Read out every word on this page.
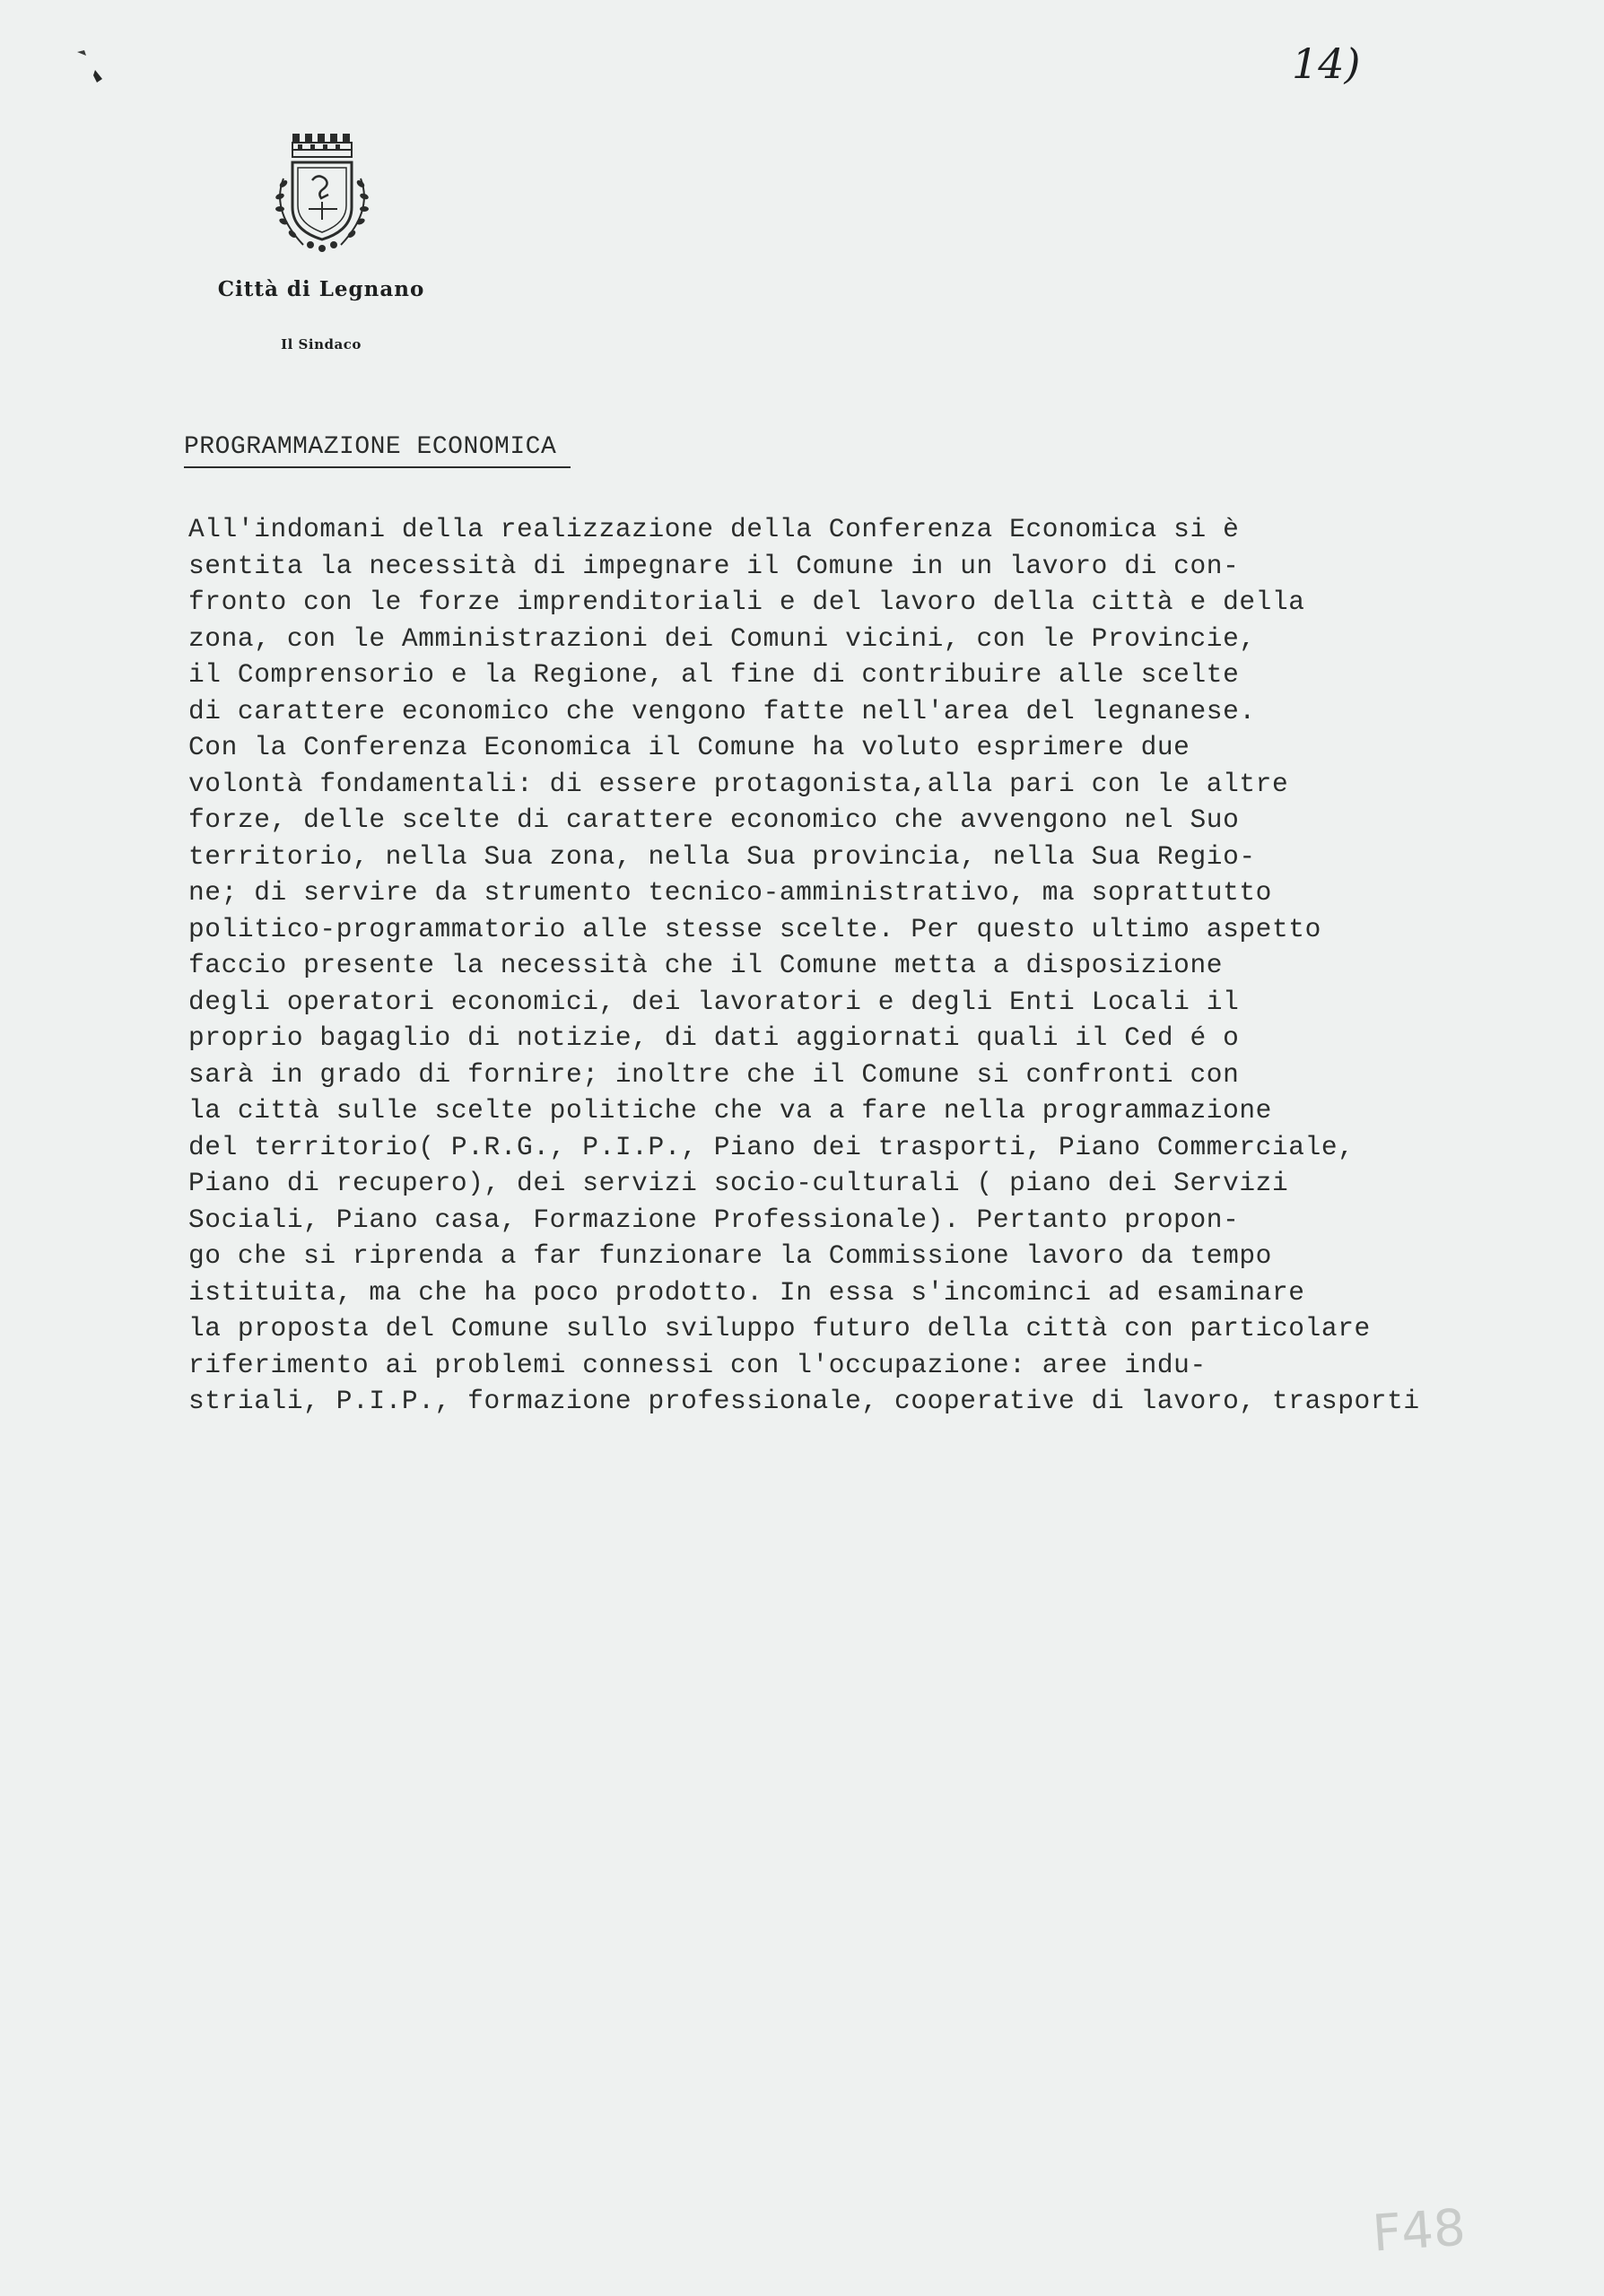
14)
Città di Legnano
Il Sindaco
PROGRAMMAZIONE ECONOMICA
All'indomani della realizzazione della Conferenza Economica si è
sentita la necessità di impegnare il Comune in un lavoro di con-
fronto con le forze imprenditoriali e del lavoro della città e della
zona, con le Amministrazioni dei Comuni vicini, con le Provincie,
il Comprensorio e la Regione, al fine di contribuire alle scelte
di carattere economico che vengono fatte nell'area del legnanese.
Con la Conferenza Economica il Comune ha voluto esprimere due
volontà fondamentali: di essere protagonista,alla pari con le altre
forze, delle scelte di carattere economico che avvengono nel Suo
territorio, nella Sua zona, nella Sua provincia, nella Sua Regio-
ne; di servire da strumento tecnico-amministrativo, ma soprattutto
politico-programmatorio alle stesse scelte. Per questo ultimo aspetto
faccio presente la necessità che il Comune metta a disposizione
degli operatori economici, dei lavoratori e degli Enti Locali il
proprio bagaglio di notizie, di dati aggiornati quali il Ced é o
sarà in grado di fornire; inoltre che il Comune si confronti con
la città sulle scelte politiche che va a fare nella programmazione
del territorio( P.R.G., P.I.P., Piano dei trasporti, Piano Commerciale,
Piano di recupero), dei servizi socio-culturali ( piano dei Servizi
Sociali, Piano casa, Formazione Professionale). Pertanto propon-
go che si riprenda a far funzionare la Commissione lavoro da tempo
istituita, ma che ha poco prodotto. In essa s'incominci ad esaminare
la proposta del Comune sullo sviluppo futuro della città con particolare
riferimento ai problemi connessi con l'occupazione: aree indu-
striali, P.I.P., formazione professionale, cooperative di lavoro, trasporti
F48
